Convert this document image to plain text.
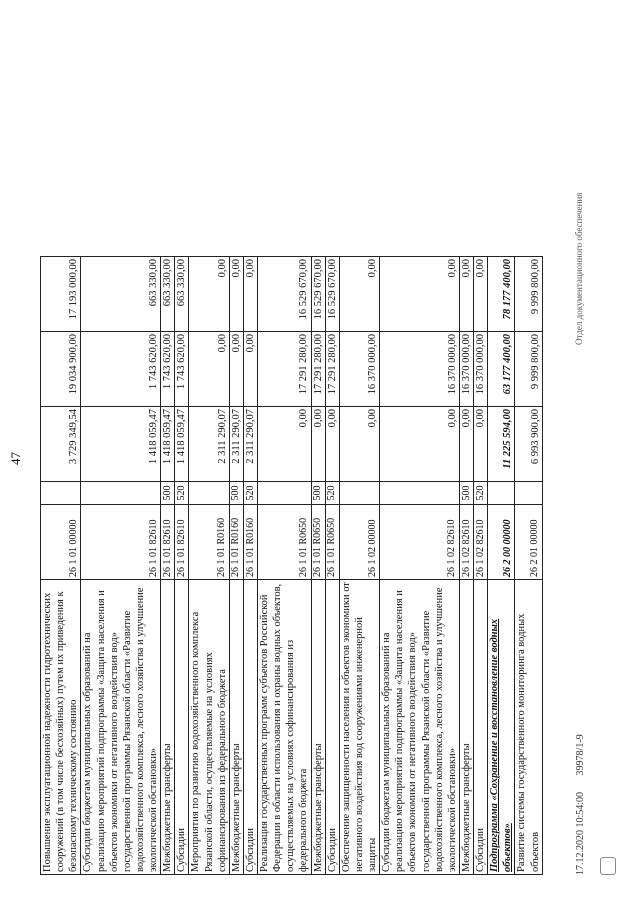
47
Повышение эксплуатационной надежности гидротехнических сооружений (в том числе бесхозяйных) путем их приведения к безопасному техническому состоянию	26 1 01 00000		3 729 349,54	19 034 900,00	17 193 000,00
Субсидии бюджетам муниципальных образований на реализацию мероприятий подпрограммы «Защита населения и объектов экономики от негативного воздействия вод» государственной программы Рязанской области «Развитие водохозяйственного комплекса, лесного хозяйства и улучшение экологической обстановки»	26 1 01 82610		1 418 059,47	1 743 620,00	663 330,00
Межбюджетные трансферты	26 1 01 82610	500	1 418 059,47	1 743 620,00	663 330,00
Субсидии	26 1 01 82610	520	1 418 059,47	1 743 620,00	663 330,00
Мероприятия по развитию водохозяйственного комплекса Рязанской области, осуществляемые на условиях софинансирования из федерального бюджета	26 1 01 R0160		2 311 290,07	0,00	0,00
Межбюджетные трансферты	26 1 01 R0160	500	2 311 290,07	0,00	0,00
Субсидии	26 1 01 R0160	520	2 311 290,07	0,00	0,00
Реализация государственных программ субъектов Российской Федерации в области использования и охраны водных объектов, осуществляемых на условиях софинансирования из федерального бюджета	26 1 01 R0650		0,00	17 291 280,00	16 529 670,00
Межбюджетные трансферты	26 1 01 R0650	500	0,00	17 291 280,00	16 529 670,00
Субсидии	26 1 01 R0650	520	0,00	17 291 280,00	16 529 670,00
Обеспечение защищенности населения и объектов экономики от негативного воздействия вод сооружениями инженерной защиты	26 1 02 00000		0,00	16 370 000,00	0,00
Субсидии бюджетам муниципальных образований на реализацию мероприятий подпрограммы «Защита населения и объектов экономики от негативного воздействия вод» государственной программы Рязанской области «Развитие водохозяйственного комплекса, лесного хозяйства и улучшение экологической обстановки»	26 1 02 82610		0,00	16 370 000,00	0,00
Межбюджетные трансферты	26 1 02 82610	500	0,00	16 370 000,00	0,00
Субсидии	26 1 02 82610	520	0,00	16 370 000,00	0,00
Подпрограмма «Сохранение и восстановление водных объектов»	26 2 00 00000		11 225 594,00	63 177 400,00	78 177 400,00
Развитие системы государственного мониторинга водных объектов	26 2 01 00000		6 993 900,00	9 999 800,00	9 999 800,00
17.12.2020 10:54:00 39978/1-9
Отдел документационного обеспечения
